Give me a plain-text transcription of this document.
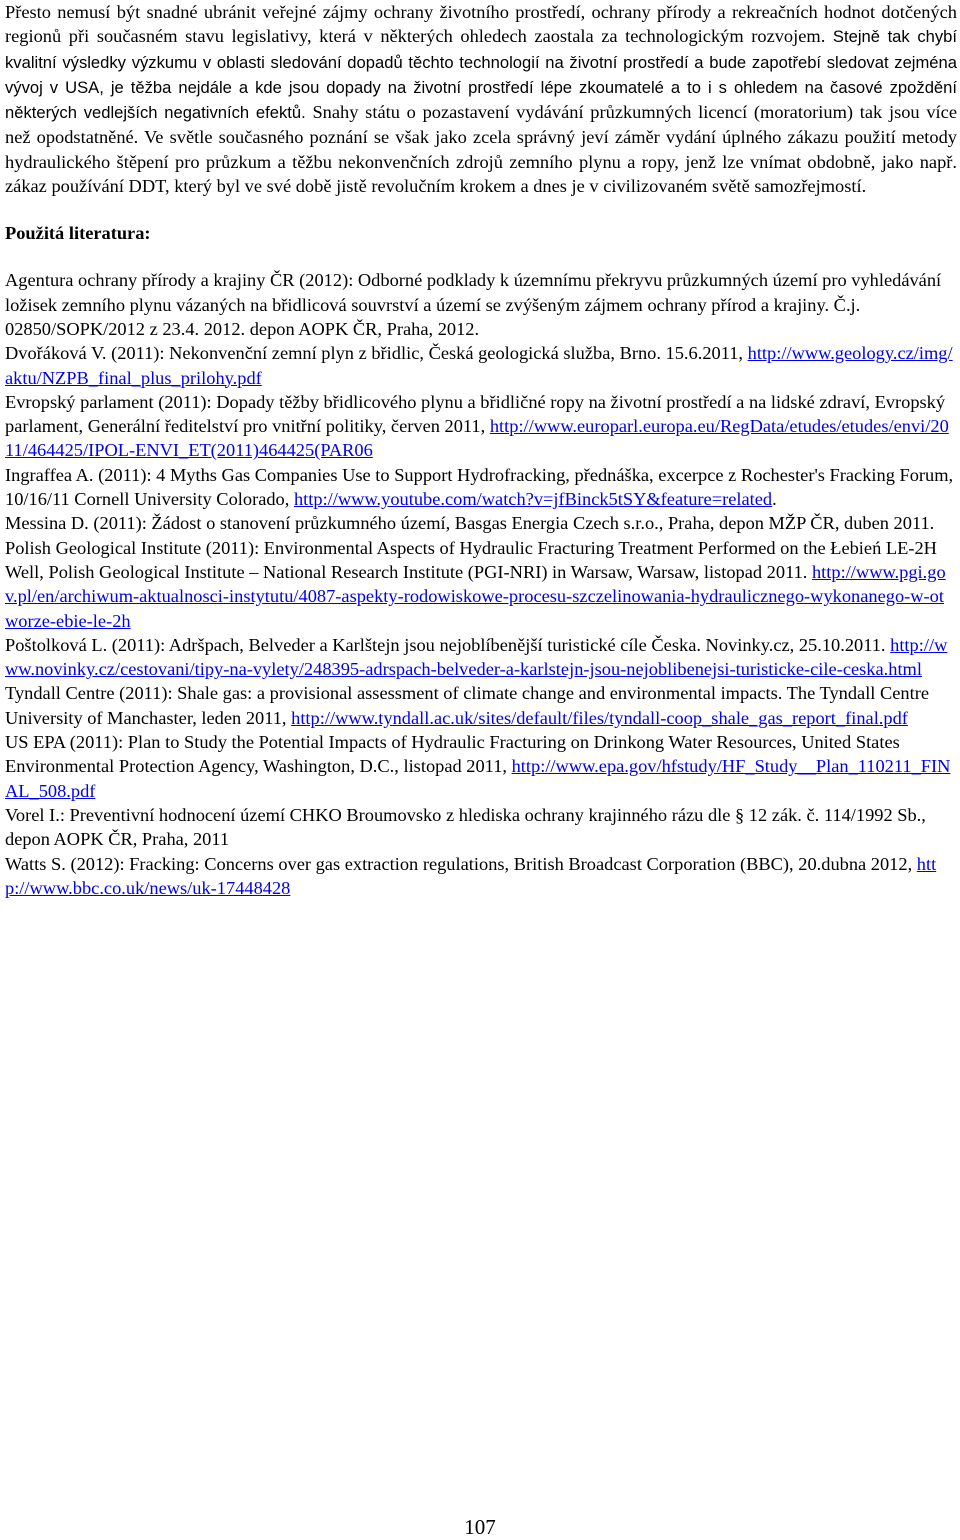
Přesto nemusí být snadné ubránit veřejné zájmy ochrany životního prostředí, ochrany přírody a rekreačních hodnot dotčených regionů při současném stavu legislativy, která v některých ohledech zaostala za technologickým rozvojem. Stejně tak chybí kvalitní výsledky výzkumu v oblasti sledování dopadů těchto technologií na životní prostředí a bude zapotřebí sledovat zejména vývoj v USA, je těžba nejdále a kde jsou dopady na životní prostředí lépe zkoumatelé a to i s ohledem na časové zpoždění některých vedlejších negativních efektů. Snahy státu o pozastavení vydávání průzkumných licencí (moratorium) tak jsou více než opodstatněné. Ve světle současného poznání se však jako zcela správný jeví záměr vydání úplného zákazu použití metody hydraulického štěpení pro průzkum a těžbu nekonvenčních zdrojů zemního plynu a ropy, jenž lze vnímat obdobně, jako např. zákaz používání DDT, který byl ve své době jistě revolučním krokem a dnes je v civilizovaném světě samozřejmostí.

Použitá literatura:
Agentura ochrany přírody a krajiny ČR (2012): Odborné podklady k územnímu překryvu průzkumných území pro vyhledávání ložisek zemního plynu vázaných na břidlicová souvrství a území se zvýšeným zájmem ochrany přírod a krajiny. Č.j. 02850/SOPK/2012 z 23.4. 2012. depon AOPK ČR, Praha, 2012.
Dvořáková V. (2011): Nekonvenční zemní plyn z břidlic, Česká geologická služba, Brno. 15.6.2011, http://www.geology.cz/img/aktu/NZPB_final_plus_prilohy.pdf
Evropský parlament (2011): Dopady těžby břidlicového plynu a břidličné ropy na životní prostředí a na lidské zdraví, Evropský parlament, Generální ředitelství pro vnitřní politiky, červen 2011, http://www.europarl.europa.eu/RegData/etudes/etudes/envi/2011/464425/IPOL-ENVI_ET(2011)464425(PAR06
Ingraffea A. (2011): 4 Myths Gas Companies Use to Support Hydrofracking, přednáška, excerpce z Rochester's Fracking Forum, 10/16/11 Cornell University Colorado, http://www.youtube.com/watch?v=jfBinck5tSY&feature=related.
Messina D. (2011): Žádost o stanovení průzkumného území, Basgas Energia Czech s.r.o., Praha, depon MŽP ČR, duben 2011.
Polish Geological Institute (2011): Environmental Aspects of Hydraulic Fracturing Treatment Performed on the Łebień LE-2H Well, Polish Geological Institute – National Research Institute (PGI-NRI) in Warsaw, Warsaw, listopad 2011. http://www.pgi.gov.pl/en/archiwum-aktualnosci-instytutu/4087-aspekty-rodowiskowe-procesu-szczelinowania-hydraulicznego-wykonanego-w-otworze-ebie-le-2h
Poštolková L. (2011): Adršpach, Belveder a Karlštejn jsou nejoblíbenější turistické cíle Česka. Novinky.cz, 25.10.2011. http://www.novinky.cz/cestovani/tipy-na-vylety/248395-adrspach-belveder-a-karlstejn-jsou-nejoblibenejsi-turisticke-cile-ceska.html
Tyndall Centre (2011): Shale gas: a provisional assessment of climate change and environmental impacts. The Tyndall Centre University of Manchaster, leden 2011, http://www.tyndall.ac.uk/sites/default/files/tyndall-coop_shale_gas_report_final.pdf
US EPA (2011): Plan to Study the Potential Impacts of Hydraulic Fracturing on Drinkong Water Resources, United States Environmental Protection Agency, Washington, D.C., listopad 2011, http://www.epa.gov/hfstudy/HF_Study__Plan_110211_FINAL_508.pdf
Vorel I.: Preventivní hodnocení území CHKO Broumovsko z hlediska ochrany krajinného rázu dle § 12 zák. č. 114/1992 Sb., depon AOPK ČR, Praha, 2011
Watts S. (2012): Fracking: Concerns over gas extraction regulations, British Broadcast Corporation (BBC), 20.dubna 2012, http://www.bbc.co.uk/news/uk-17448428
107
